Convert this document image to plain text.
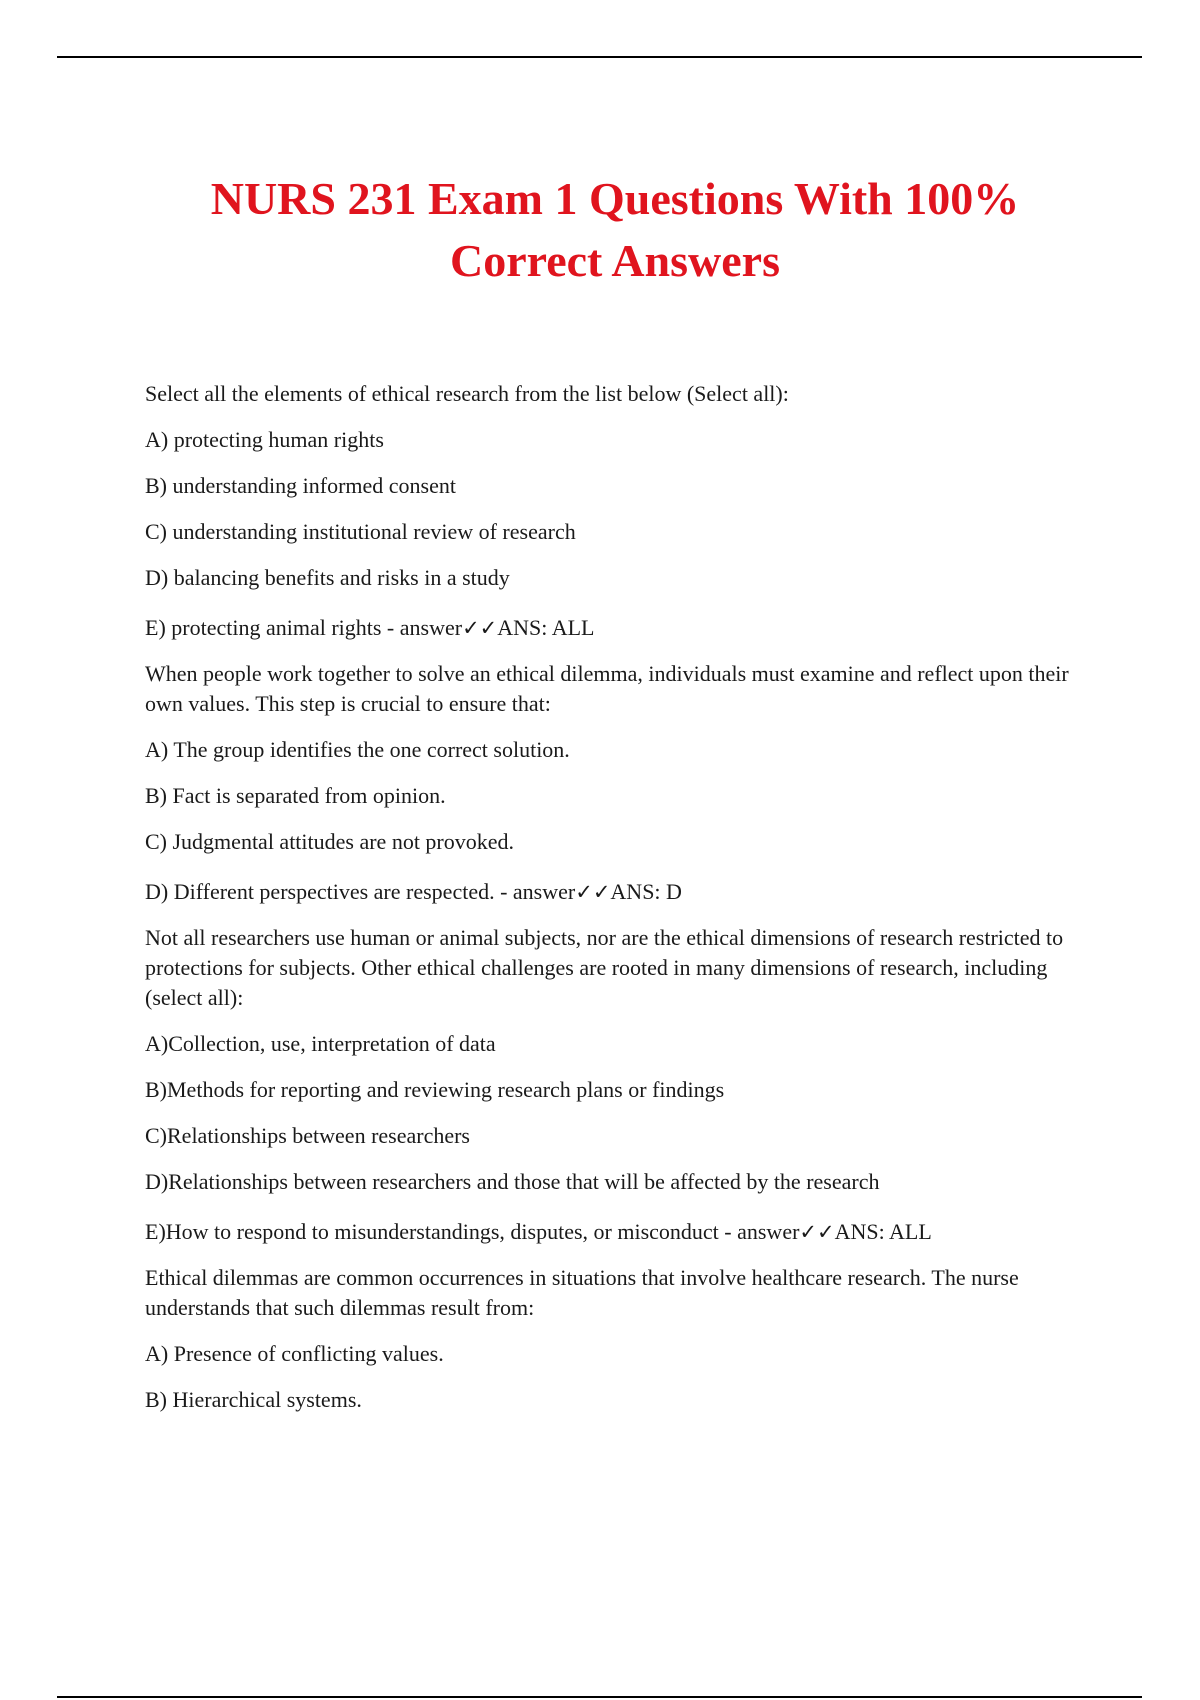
NURS 231 Exam 1 Questions With 100%
Correct Answers
Select all the elements of ethical research from the list below (Select all):
A) protecting human rights
B) understanding informed consent
C) understanding institutional review of research
D) balancing benefits and risks in a study
E) protecting animal rights - answer✓✓ANS: ALL
When people work together to solve an ethical dilemma, individuals must examine and reflect upon their own values. This step is crucial to ensure that:
A) The group identifies the one correct solution.
B) Fact is separated from opinion.
C) Judgmental attitudes are not provoked.
D) Different perspectives are respected. - answer✓✓ANS: D
Not all researchers use human or animal subjects, nor are the ethical dimensions of research restricted to protections for subjects. Other ethical challenges are rooted in many dimensions of research, including (select all):
A)Collection, use, interpretation of data
B)Methods for reporting and reviewing research plans or findings
C)Relationships between researchers
D)Relationships between researchers and those that will be affected by the research
E)How to respond to misunderstandings, disputes, or misconduct - answer✓✓ANS: ALL
Ethical dilemmas are common occurrences in situations that involve healthcare research. The nurse understands that such dilemmas result from:
A) Presence of conflicting values.
B) Hierarchical systems.
